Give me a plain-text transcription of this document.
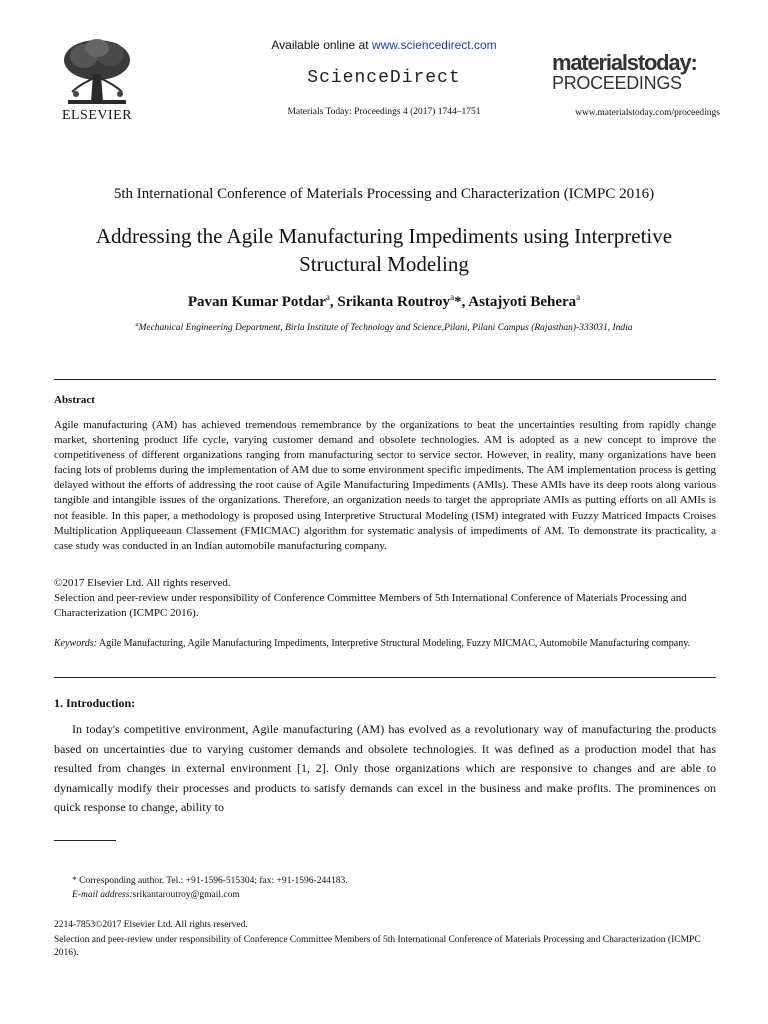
Available online at www.sciencedirect.com
ScienceDirect
Materials Today: Proceedings 4 (2017) 1744–1751
ELSEVIER
materialstoday:
PROCEEDINGS
www.materialstoday.com/proceedings
5th International Conference of Materials Processing and Characterization (ICMPC 2016)
Addressing the Agile Manufacturing Impediments using Interpretive Structural Modeling
Pavan Kumar Potdar$^a$, Srikanta Routroy$^a$*, Astajyoti Behera$^a$
$^a$Mechanical Engineering Department, Birla Institute of Technology and Science,Pilani, Pilani Campus (Rajasthan)-333031, India
Abstract
Agile manufacturing (AM) has achieved tremendous remembrance by the organizations to beat the uncertainties resulting from rapidly change market, shortening product life cycle, varying customer demand and obsolete technologies. AM is adopted as a new concept to improve the competitiveness of different organizations ranging from manufacturing sector to service sector. However, in reality, many organizations have been facing lots of problems during the implementation of AM due to some environment specific impediments. The AM implementation process is getting delayed without the efforts of addressing the root cause of Agile Manufacturing Impediments (AMIs). These AMIs have its deep roots along various tangible and intangible issues of the organizations. Therefore, an organization needs to target the appropriate AMIs as putting efforts on all AMIs is not feasible. In this paper, a methodology is proposed using Interpretive Structural Modeling (ISM) integrated with Fuzzy Matriced Impacts Croises Multiplication Appliqueeaun Classement (FMICMAC) algorithm for systematic analysis of impediments of AM. To demonstrate its practicality, a case study was conducted in an Indian automobile manufacturing company.
©2017 Elsevier Ltd. All rights reserved.
Selection and peer-review under responsibility of Conference Committee Members of 5th International Conference of Materials Processing and Characterization (ICMPC 2016).
Keywords: Agile Manufacturing, Agile Manufacturing Impediments, Interpretive Structural Modeling, Fuzzy MICMAC, Automobile Manufacturing company.
1. Introduction:
In today's competitive environment, Agile manufacturing (AM) has evolved as a revolutionary way of manufacturing the products based on uncertainties due to varying customer demands and obsolete technologies. It was defined as a production model that has resulted from changes in external environment [1, 2]. Only those organizations which are responsive to changes and are able to dynamically modify their processes and products to satisfy demands can excel in the business and make profits. The prominences on quick response to change, ability to
* Corresponding author. Tel.: +91-1596-515304; fax: +91-1596-244183.
E-mail address:srikantaroutroy@gmail.com
2214-7853©2017 Elsevier Ltd. All rights reserved.
Selection and peer-review under responsibility of Conference Committee Members of 5th International Conference of Materials Processing and Characterization (ICMPC 2016).
